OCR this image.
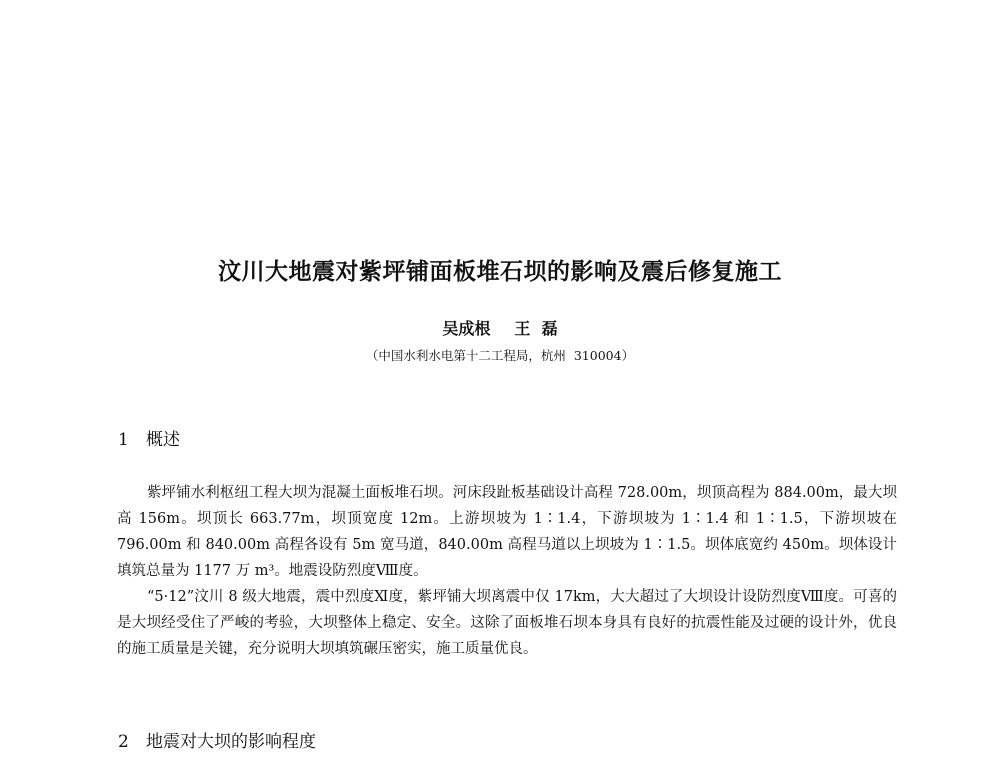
汶川大地震对紫坪铺面板堆石坝的影响及震后修复施工
吴成根 王  磊
（中国水利水电第十二工程局，杭州  310004）
1 概述

紫坪铺水利枢纽工程大坝为混凝土面板堆石坝。河床段趾板基础设计高程 728.00m，坝顶高程为 884.00m，最大坝高 156m。坝顶长 663.77m，坝顶宽度 12m。上游坝坡为 1∶1.4，下游坝坡为 1∶1.4 和 1∶1.5，下游坝坡在 796.00m 和 840.00m 高程各设有 5m 宽马道，840.00m 高程马道以上坝坡为 1∶1.5。坝体底宽约 450m。坝体设计填筑总量为 1177 万 m³。地震设防烈度Ⅷ度。

“5·12”汶川 8 级大地震，震中烈度Ⅺ度，紫坪铺大坝离震中仅 17km，大大超过了大坝设计设防烈度Ⅷ度。可喜的是大坝经受住了严峻的考验，大坝整体上稳定、安全。这除了面板堆石坝本身具有良好的抗震性能及过硬的设计外，优良的施工质量是关键，充分说明大坝填筑碾压密实，施工质量优良。

2 地震对大坝的影响程度
